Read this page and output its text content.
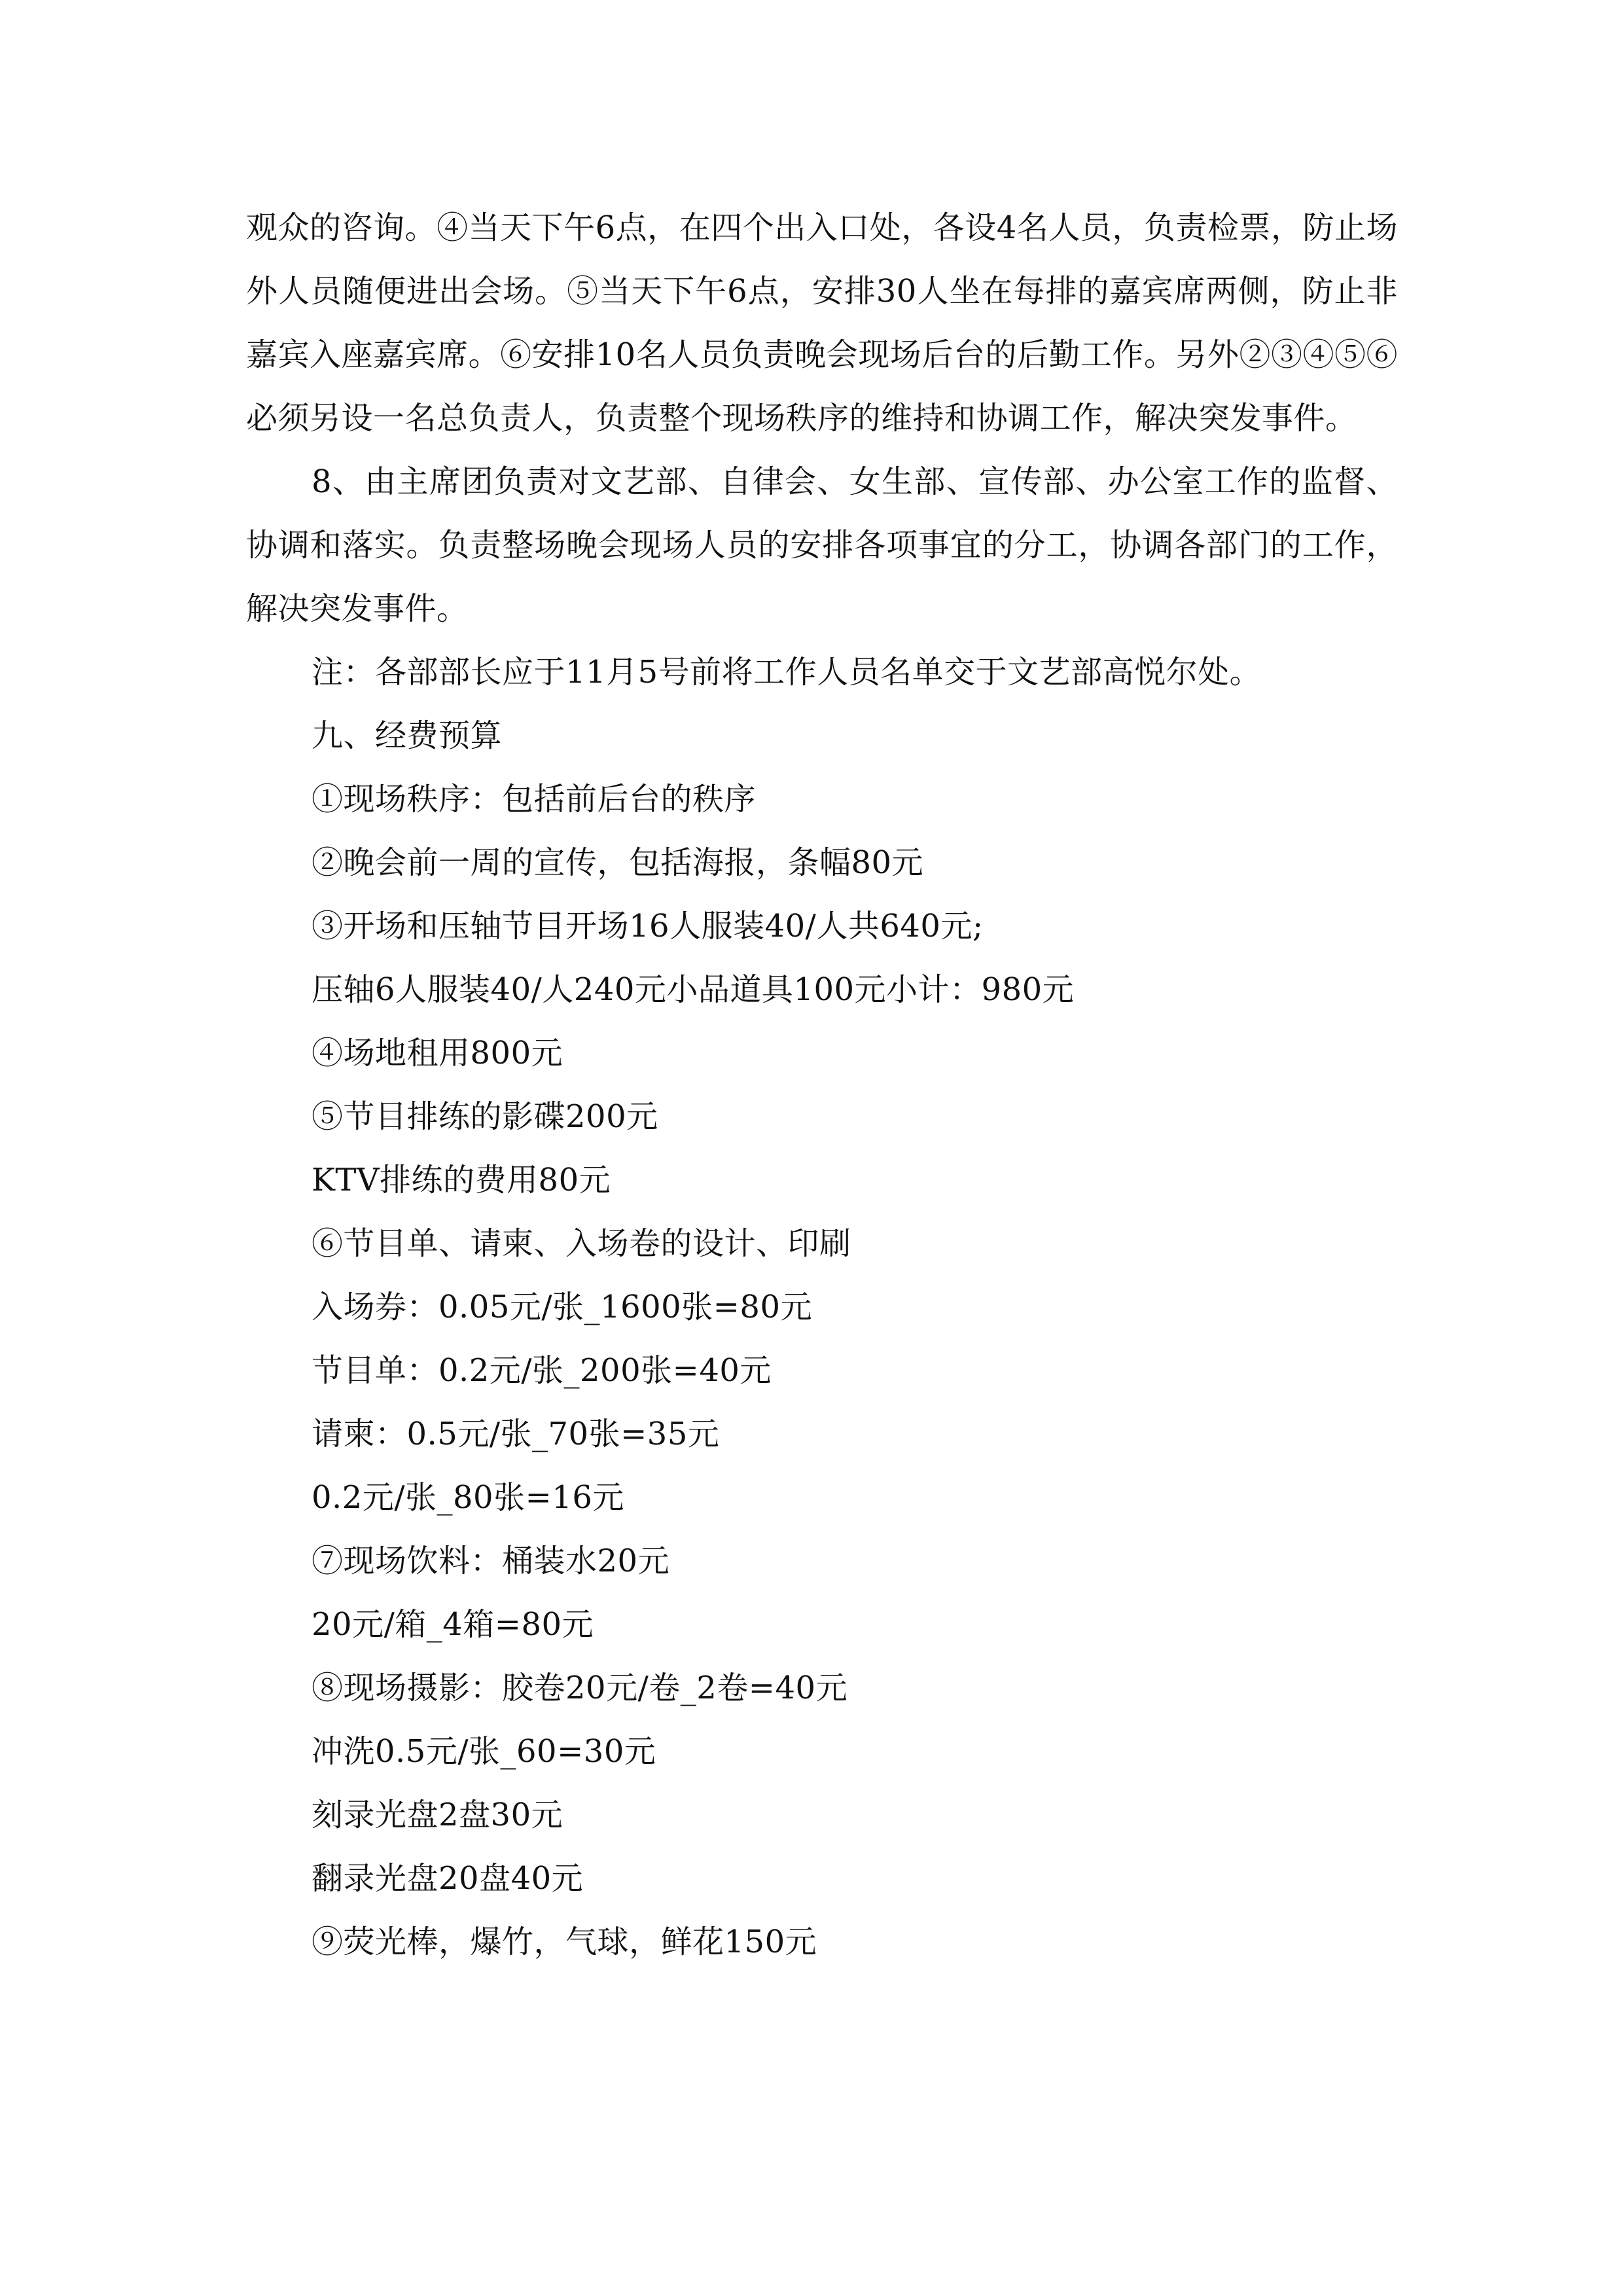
观众的咨询。④当天下午6点，在四个出入口处，各设4名人员，负责检票，防止场外人员随便进出会场。⑤当天下午6点，安排30人坐在每排的嘉宾席两侧，防止非嘉宾入座嘉宾席。⑥安排10名人员负责晚会现场后台的后勤工作。另外②③④⑤⑥必须另设一名总负责人，负责整个现场秩序的维持和协调工作，解决突发事件。

8、由主席团负责对文艺部、自律会、女生部、宣传部、办公室工作的监督、协调和落实。负责整场晚会现场人员的安排各项事宜的分工，协调各部门的工作，解决突发事件。

注：各部部长应于11月5号前将工作人员名单交于文艺部高悦尔处。

九、经费预算

①现场秩序：包括前后台的秩序

②晚会前一周的宣传，包括海报，条幅80元

③开场和压轴节目开场16人服装40/人共640元;

压轴6人服装40/人240元小品道具100元小计：980元

④场地租用800元

⑤节目排练的影碟200元

KTV排练的费用80元

⑥节目单、请柬、入场卷的设计、印刷

入场券：0.05元/张_1600张=80元

节目单：0.2元/张_200张=40元

请柬：0.5元/张_70张=35元

0.2元/张_80张=16元

⑦现场饮料：桶装水20元

20元/箱_4箱=80元

⑧现场摄影：胶卷20元/卷_2卷=40元

冲洗0.5元/张_60=30元

刻录光盘2盘30元

翻录光盘20盘40元

⑨荧光棒，爆竹，气球，鲜花150元
